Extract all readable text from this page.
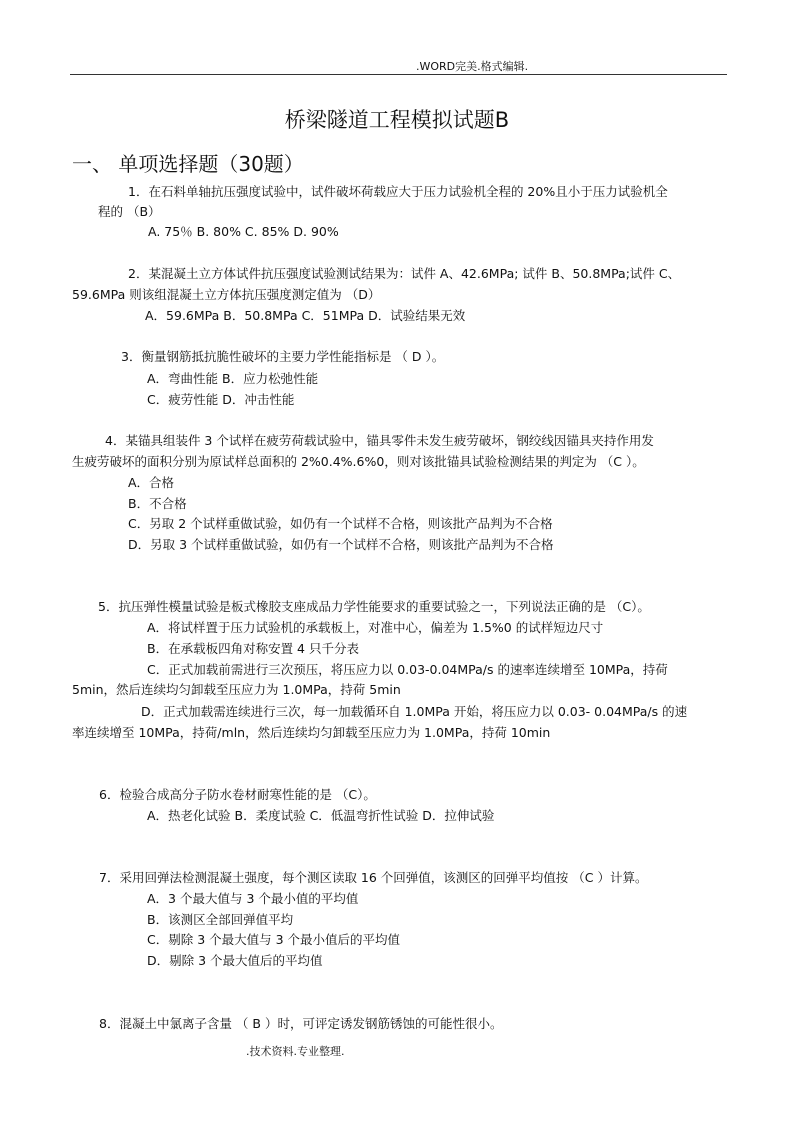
.WORD完美.格式编辑.
桥梁隧道工程模拟试题B
一、 单项选择题（30题）
1．在石料单轴抗压强度试验中，试件破坏荷载应大于压力试验机全程的 20%且小于压力试验机全
程的 （B）
A. 75％ B. 80% C. 85% D. 90%
2．某混凝土立方体试件抗压强度试验测试结果为：试件 A、42.6MPa; 试件 B、50.8MPa;试件 C、
59.6MPa 则该组混凝土立方体抗压强度测定值为 （D）
A．59.6MPa B．50.8MPa C．51MPa D．试验结果无效
3．衡量钢筋抵抗脆性破坏的主要力学性能指标是 （ D ）。
A．弯曲性能 B．应力松弛性能
C．疲劳性能 D．冲击性能
4．某锚具组装件 3 个试样在疲劳荷载试验中，锚具零件未发生疲劳破坏，钢绞线因锚具夹持作用发
生疲劳破坏的面积分别为原试样总面积的 2%0.4%.6%0，则对该批锚具试验检测结果的判定为 （C ）。
A．合格
B．不合格
C．另取 2 个试样重做试验，如仍有一个试样不合格，则该批产品判为不合格
D．另取 3 个试样重做试验，如仍有一个试样不合格，则该批产品判为不合格
5．抗压弹性模量试验是板式橡胶支座成品力学性能要求的重要试验之一，下列说法正确的是 （C）。
A．将试样置于压力试验机的承载板上，对准中心，偏差为 1.5%0 的试样短边尺寸
B．在承载板四角对称安置 4 只千分表
C．正式加载前需进行三次预压，将压应力以 0.03-0.04MPa/s 的速率连续增至 10MPa，持荷
5min，然后连续均匀卸载至压应力为 1.0MPa，持荷 5min
D．正式加载需连续进行三次，每一加载循环自 1.0MPa 开始，将压应力以 0.03- 0.04MPa/s 的速
率连续增至 10MPa，持荷/mln，然后连续均匀卸载至压应力为 1.0MPa，持荷 10min
6．检验合成高分子防水卷材耐寒性能的是 （C）。
A．热老化试验 B．柔度试验 C．低温弯折性试验 D．拉伸试验
7．采用回弹法检测混凝土强度，每个测区读取 16 个回弹值，该测区的回弹平均值按 （C ）计算。
A．3 个最大值与 3 个最小值的平均值
B．该测区全部回弹值平均
C．剔除 3 个最大值与 3 个最小值后的平均值
D．剔除 3 个最大值后的平均值
8．混凝土中氯离子含量 （ B ）时，可评定诱发钢筋锈蚀的可能性很小。
.技术资料.专业整理.
